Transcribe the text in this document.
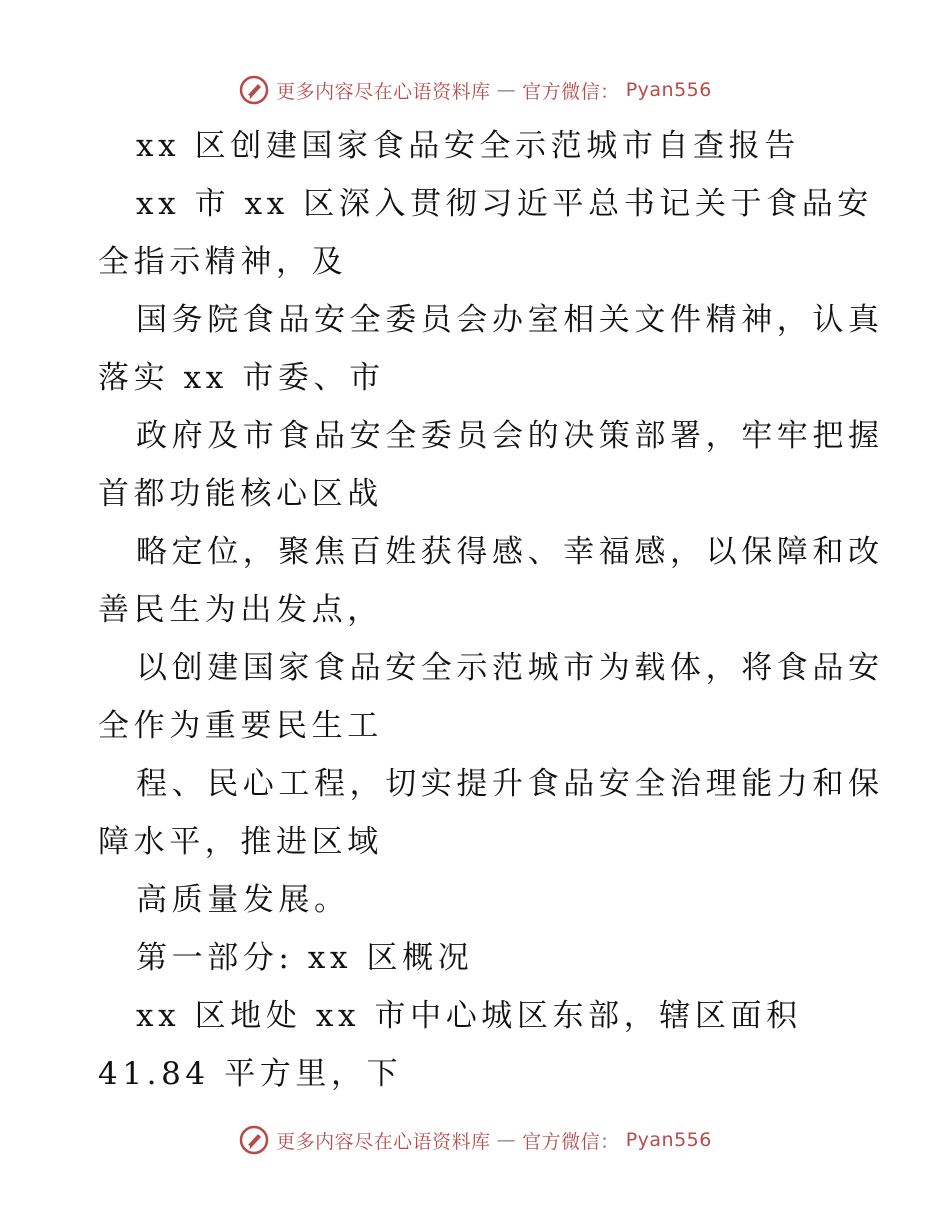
更多内容尽在心语资料库 — 官方微信： Pyan556
xx 区创建国家食品安全示范城市自查报告
xx 市 xx 区深入贯彻习近平总书记关于食品安
全指示精神，及
国务院食品安全委员会办室相关文件精神，认真
落实 xx 市委、市
政府及市食品安全委员会的决策部署，牢牢把握
首都功能核心区战
略定位，聚焦百姓获得感、幸福感，以保障和改
善民生为出发点，
以创建国家食品安全示范城市为载体，将食品安
全作为重要民生工
程、民心工程，切实提升食品安全治理能力和保
障水平，推进区域
高质量发展。
第一部分: xx 区概况
xx 区地处 xx 市中心城区东部，辖区面积
41.84 平方里，下
更多内容尽在心语资料库 — 官方微信： Pyan556
